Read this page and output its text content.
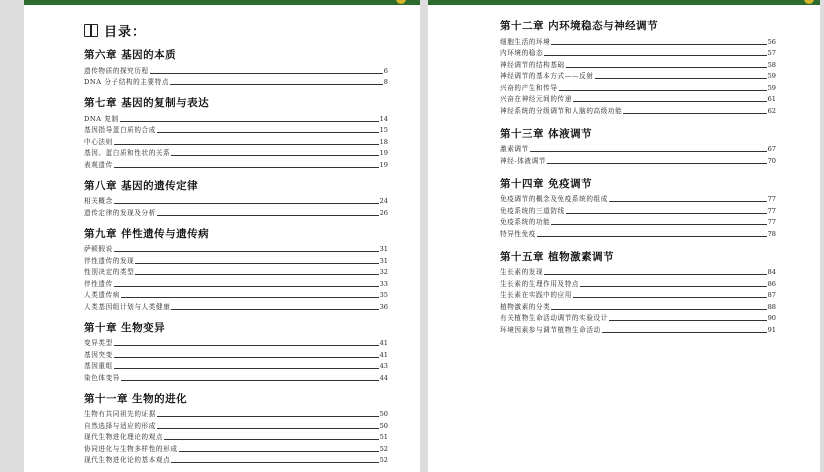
目录：
第六章 基因的本质
遗传物质的探究历程	6
DNA 分子结构的主要特点	8
第七章 基因的复制与表达
DNA 复制	14
基因指导蛋白质的合成	15
中心法则	18
基因、蛋白质和性状的关系	19
表观遗传	19
第八章 基因的遗传定律
相关概念	24
遗传定律的发现及分析	26
第九章 伴性遗传与遗传病
萨顿假说	31
伴性遗传的发现	31
性别决定的类型	32
伴性遗传	33
人类遗传病	35
人类基因组计划与人类健康	36
第十章 生物变异
变异类型	41
基因突变	41
基因重组	43
染色体变异	44
第十一章 生物的进化
生物有共同祖先的证据	50
自然选择与适应的形成	50
现代生物进化理论的观点	51
协同进化与生物多样性的形成	52
现代生物进化论的基本观点	52
第十二章 内环境稳态与神经调节
细胞生活的环境	56
内环境的稳态	57
神经调节的结构基础	58
神经调节的基本方式——反射	59
兴奋的产生和传导	59
兴奋在神经元间的传递	61
神经系统的分级调节和人脑的高级功能	62
第十三章 体液调节
激素调节	67
神经-体液调节	70
第十四章 免疫调节
免疫调节的概念及免疫系统的组成	77
免疫系统的三道防线	77
免疫系统的功能	77
特异性免疫	78
第十五章 植物激素调节
生长素的发现	84
生长素的生理作用及特点	86
生长素在实践中的应用	87
植物激素的分类	88
有关植物生命活动调节的实验设计	90
环境因素参与调节植物生命活动	91
